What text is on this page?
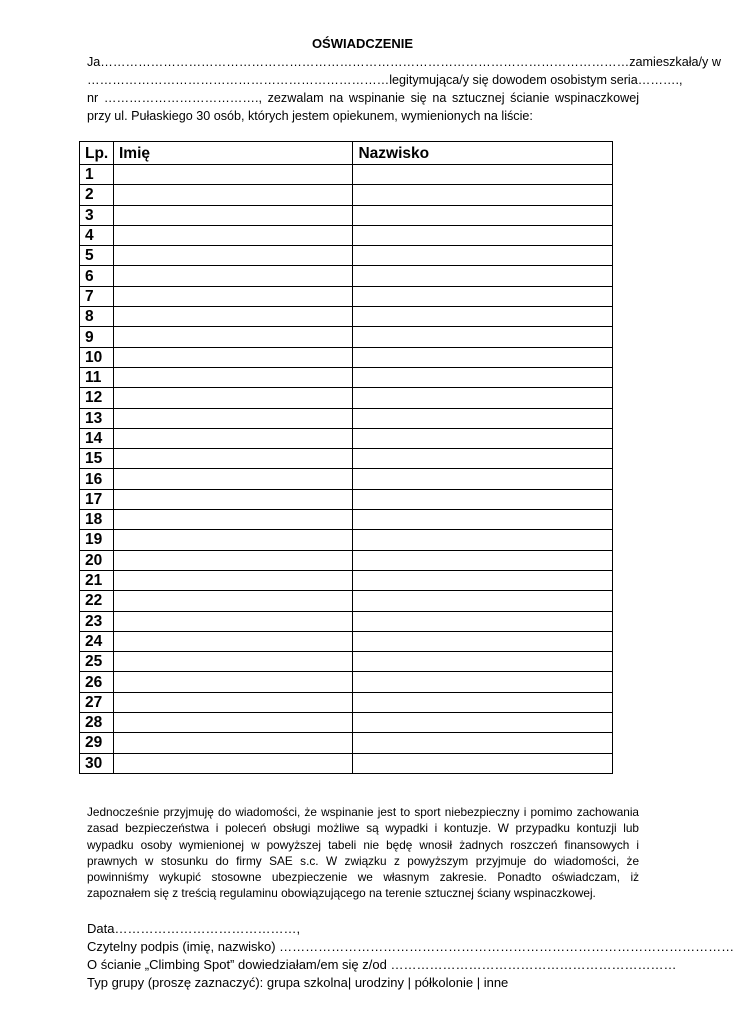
OŚWIADCZENIE
Ja………………………………………………………………………………………………………………zamieszkała/y w
………………………………………………………………legitymująca/y się dowodem osobistym seria……….,
nr ………………………………., zezwalam na wspinanie się na sztucznej ścianie wspinaczkowej
przy ul. Pułaskiego 30 osób, których jestem opiekunem, wymienionych na liście:
Lp.	Imię	Nazwisko
1		
2		
3		
4		
5		
6		
7		
8		
9		
10		
11		
12		
13		
14		
15		
16		
17		
18		
19		
20		
21		
22		
23		
24		
25		
26		
27		
28		
29		
30		
Jednocześnie przyjmuję do wiadomości, że wspinanie jest to sport niebezpieczny i pomimo zachowania zasad bezpieczeństwa i poleceń obsługi możliwe są wypadki i kontuzje. W przypadku kontuzji lub wypadku osoby wymienionej w powyższej tabeli nie będę wnosił żadnych roszczeń finansowych i prawnych w stosunku do firmy SAE s.c. W związku z powyższym przyjmuje do wiadomości, że powinniśmy wykupić stosowne ubezpieczenie we własnym zakresie. Ponadto oświadczam, iż zapoznałem się z treścią regulaminu obowiązującego na terenie sztucznej ściany wspinaczkowej.
Data……………………………………,
Czytelny podpis (imię, nazwisko) ……………………………………………………………………………………………
O ścianie „Climbing Spot” dowiedziałam/em się z/od …………………………………………………………
Typ grupy (proszę zaznaczyć): grupa szkolna| urodziny | półkolonie | inne
